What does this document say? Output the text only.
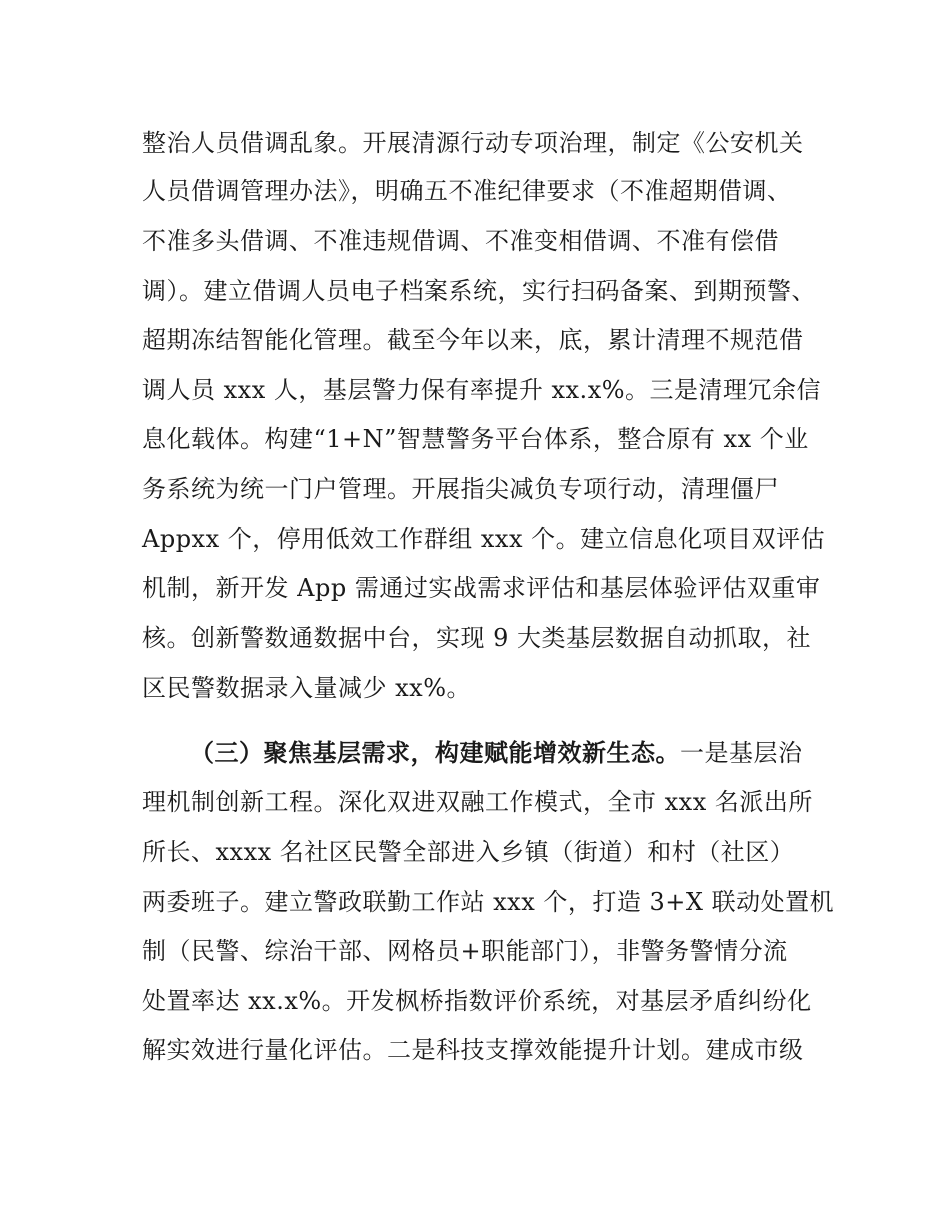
整治人员借调乱象。开展清源行动专项治理，制定《公安机关
人员借调管理办法》，明确五不准纪律要求（不准超期借调、
不准多头借调、不准违规借调、不准变相借调、不准有偿借
调）。建立借调人员电子档案系统，实行扫码备案、到期预警、
超期冻结智能化管理。截至今年以来，底，累计清理不规范借
调人员 xxx 人，基层警力保有率提升 xx.x%。三是清理冗余信
息化载体。构建“1+N”智慧警务平台体系，整合原有 xx 个业
务系统为统一门户管理。开展指尖减负专项行动，清理僵尸
Appxx 个，停用低效工作群组 xxx 个。建立信息化项目双评估
机制，新开发 App 需通过实战需求评估和基层体验评估双重审
核。创新警数通数据中台，实现 9 大类基层数据自动抓取，社
区民警数据录入量减少 xx%。
（三）聚焦基层需求，构建赋能增效新生态。一是基层治
理机制创新工程。深化双进双融工作模式，全市 xxx 名派出所
所长、xxxx 名社区民警全部进入乡镇（街道）和村（社区）
两委班子。建立警政联勤工作站 xxx 个，打造 3+X 联动处置机
制（民警、综治干部、网格员+职能部门），非警务警情分流
处置率达 xx.x%。开发枫桥指数评价系统，对基层矛盾纠纷化
解实效进行量化评估。二是科技支撑效能提升计划。建成市级
